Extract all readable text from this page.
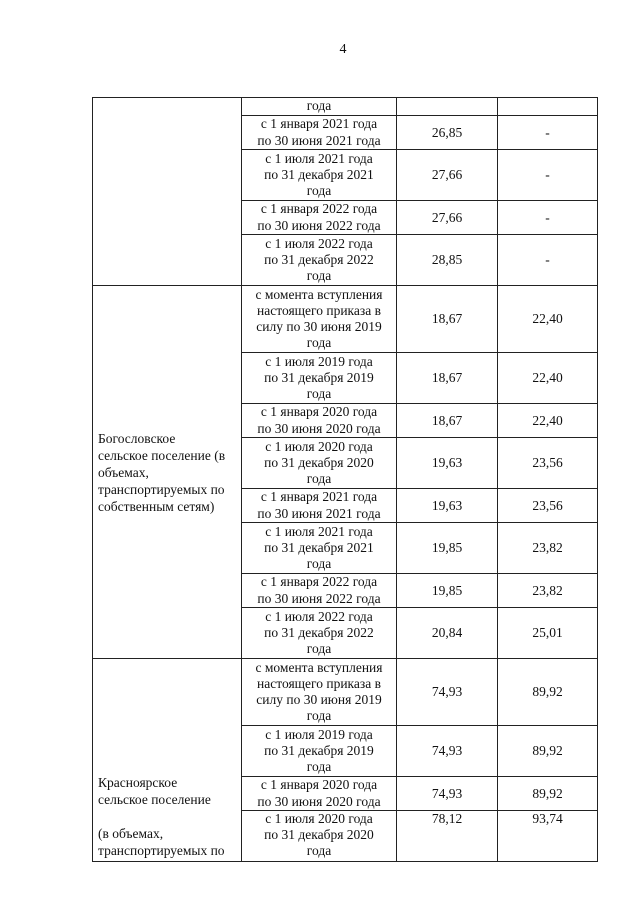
4

	года		

	с 1 января 2021 года
по 30 июня 2021 года	26,85	-

	с 1 июля 2021 года
по 31 декабря 2021
года	27,66	-

	с 1 января 2022 года
по 30 июня 2022 года	27,66	-

	с 1 июля 2022 года
по 31 декабря 2022
года	28,85	-

Богословское
сельское поселение (в
объемах,
транспортируемых по
собственным сетям)	с момента вступления
настоящего приказа в
силу по 30 июня 2019
года	18,67	22,40

	с 1 июля 2019 года
по 31 декабря 2019
года	18,67	22,40

	с 1 января 2020 года
по 30 июня 2020 года	18,67	22,40

	с 1 июля 2020 года
по 31 декабря 2020
года	19,63	23,56

	с 1 января 2021 года
по 30 июня 2021 года	19,63	23,56

	с 1 июля 2021 года
по 31 декабря 2021
года	19,85	23,82

	с 1 января 2022 года
по 30 июня 2022 года	19,85	23,82

	с 1 июля 2022 года
по 31 декабря 2022
года	20,84	25,01

Красноярское
сельское поселение
(в объемах,
транспортируемых по	с момента вступления
настоящего приказа в
силу по 30 июня 2019
года	74,93	89,92

	с 1 июля 2019 года
по 31 декабря 2019
года	74,93	89,92

	с 1 января 2020 года
по 30 июня 2020 года	74,93	89,92

	с 1 июля 2020 года
по 31 декабря 2020
года	78,12	93,74
